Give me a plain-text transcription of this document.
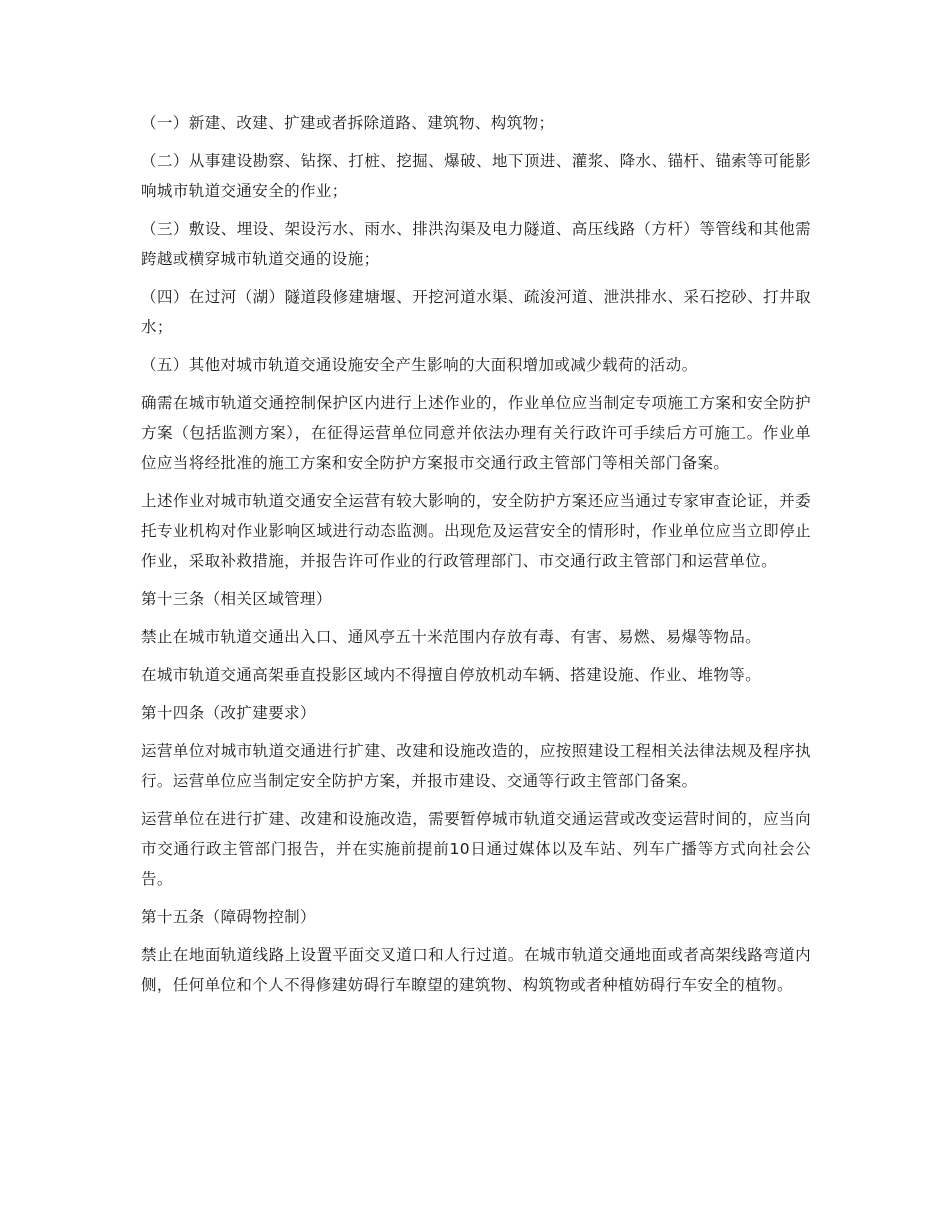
（一）新建、改建、扩建或者拆除道路、建筑物、构筑物；

（二）从事建设勘察、钻探、打桩、挖掘、爆破、地下顶进、灌浆、降水、锚杆、锚索等可能影响城市轨道交通安全的作业；

（三）敷设、埋设、架设污水、雨水、排洪沟渠及电力隧道、高压线路（方杆）等管线和其他需跨越或横穿城市轨道交通的设施；

（四）在过河（湖）隧道段修建塘堰、开挖河道水渠、疏浚河道、泄洪排水、采石挖砂、打井取水；

（五）其他对城市轨道交通设施安全产生影响的大面积增加或减少载荷的活动。

确需在城市轨道交通控制保护区内进行上述作业的，作业单位应当制定专项施工方案和安全防护方案（包括监测方案），在征得运营单位同意并依法办理有关行政许可手续后方可施工。作业单位应当将经批准的施工方案和安全防护方案报市交通行政主管部门等相关部门备案。

上述作业对城市轨道交通安全运营有较大影响的，安全防护方案还应当通过专家审查论证，并委托专业机构对作业影响区域进行动态监测。出现危及运营安全的情形时，作业单位应当立即停止作业，采取补救措施，并报告许可作业的行政管理部门、市交通行政主管部门和运营单位。

第十三条（相关区域管理）

禁止在城市轨道交通出入口、通风亭五十米范围内存放有毒、有害、易燃、易爆等物品。

在城市轨道交通高架垂直投影区域内不得擅自停放机动车辆、搭建设施、作业、堆物等。

第十四条（改扩建要求）

运营单位对城市轨道交通进行扩建、改建和设施改造的，应按照建设工程相关法律法规及程序执行。运营单位应当制定安全防护方案，并报市建设、交通等行政主管部门备案。

运营单位在进行扩建、改建和设施改造，需要暂停城市轨道交通运营或改变运营时间的，应当向市交通行政主管部门报告，并在实施前提前10日通过媒体以及车站、列车广播等方式向社会公告。

第十五条（障碍物控制）

禁止在地面轨道线路上设置平面交叉道口和人行过道。在城市轨道交通地面或者高架线路弯道内侧，任何单位和个人不得修建妨碍行车瞭望的建筑物、构筑物或者种植妨碍行车安全的植物。
